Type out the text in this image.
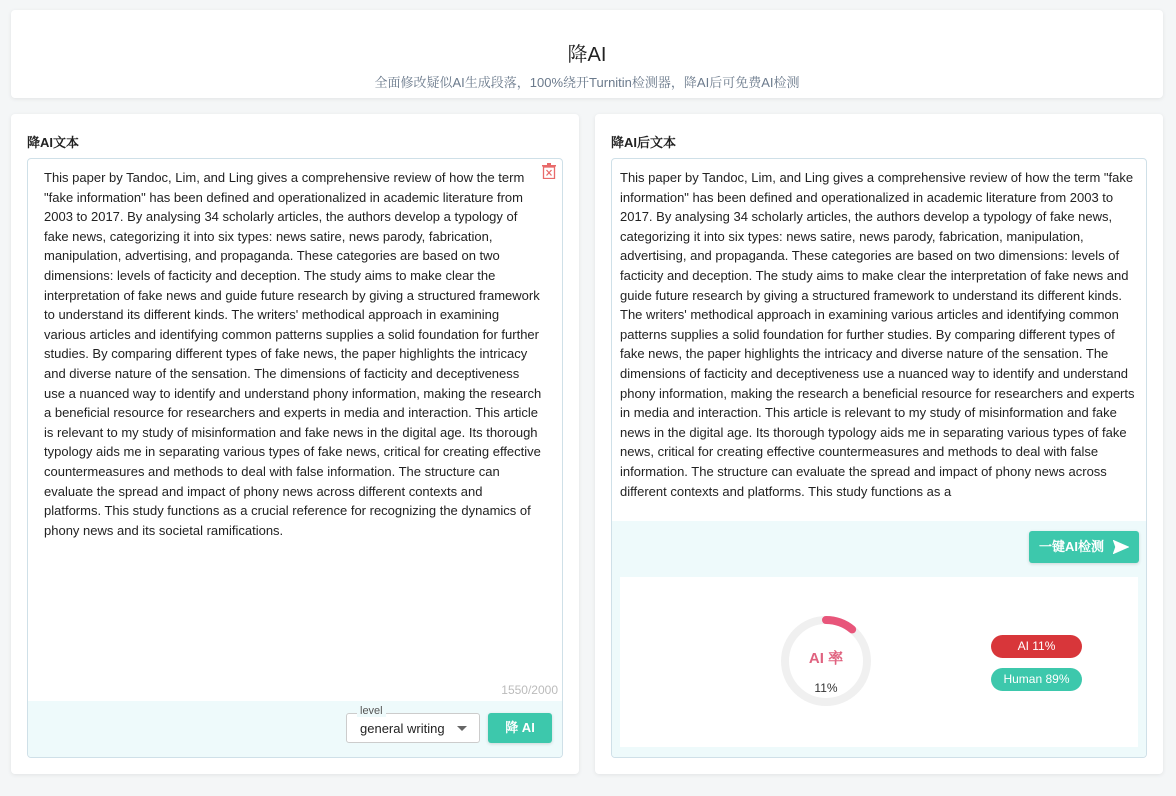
降AI
全面修改疑似AI生成段落，100%绕开Turnitin检测器，降AI后可免费AI检测
降AI文本
This paper by Tandoc, Lim, and Ling gives a comprehensive review of how the term "fake information" has been defined and operationalized in academic literature from 2003 to 2017. By analysing 34 scholarly articles, the authors develop a typology of fake news, categorizing it into six types: news satire, news parody, fabrication, manipulation, advertising, and propaganda. These categories are based on two dimensions: levels of facticity and deception. The study aims to make clear the interpretation of fake news and guide future research by giving a structured framework to understand its different kinds. The writers' methodical approach in examining various articles and identifying common patterns supplies a solid foundation for further studies. By comparing different types of fake news, the paper highlights the intricacy and diverse nature of the sensation. The dimensions of facticity and deceptiveness use a nuanced way to identify and understand phony information, making the research a beneficial resource for researchers and experts in media and interaction. This article is relevant to my study of misinformation and fake news in the digital age. Its thorough typology aids me in separating various types of fake news, critical for creating effective countermeasures and methods to deal with false information. The structure can evaluate the spread and impact of phony news across different contexts and platforms. This study functions as a crucial reference for recognizing the dynamics of phony news and its societal ramifications.
1550/2000
level
general writing	降 AI
降AI后文本
This paper by Tandoc, Lim, and Ling gives a comprehensive review of how the term "fake information" has been defined and operationalized in academic literature from 2003 to 2017. By analysing 34 scholarly articles, the authors develop a typology of fake news, categorizing it into six types: news satire, news parody, fabrication, manipulation, advertising, and propaganda. These categories are based on two dimensions: levels of facticity and deception. The study aims to make clear the interpretation of fake news and guide future research by giving a structured framework to understand its different kinds. The writers' methodical approach in examining various articles and identifying common patterns supplies a solid foundation for further studies. By comparing different types of fake news, the paper highlights the intricacy and diverse nature of the sensation. The dimensions of facticity and deceptiveness use a nuanced way to identify and understand phony information, making the research a beneficial resource for researchers and experts in media and interaction. This article is relevant to my study of misinformation and fake news in the digital age. Its thorough typology aids me in separating various types of fake news, critical for creating effective countermeasures and methods to deal with false information. The structure can evaluate the spread and impact of phony news across different contexts and platforms. This study functions as a
一键AI检测
AI 率
11%
AI 11%
Human 89%
